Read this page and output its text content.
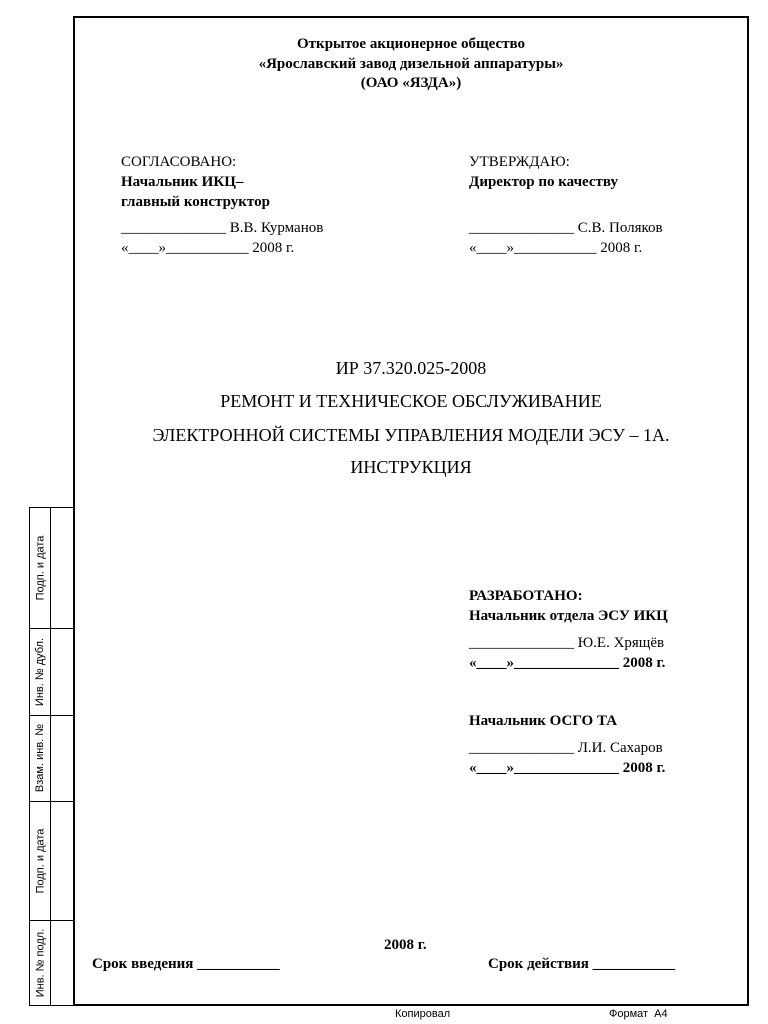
Подп. и дата
Инв. № дубл.
Взам. инв. №
Подп. и дата
Инв. № подл.
Открытое акционерное общество
«Ярославский завод дизельной аппаратуры»
(ОАО «ЯЗДА»)
СОГЛАСОВАНО:
Начальник ИКЦ–
главный конструктор
______________ В.В. Курманов
«____»___________ 2008 г.
УТВЕРЖДАЮ:
Директор по качеству
______________ С.В. Поляков
«____»___________ 2008 г.
ИР 37.320.025-2008
РЕМОНТ И ТЕХНИЧЕСКОЕ ОБСЛУЖИВАНИЕ
ЭЛЕКТРОННОЙ СИСТЕМЫ УПРАВЛЕНИЯ МОДЕЛИ ЭСУ – 1А.
ИНСТРУКЦИЯ
РАЗРАБОТАНО:
Начальник отдела ЭСУ ИКЦ
______________ Ю.Е. Хрящёв
«____»______________ 2008 г.
Начальник ОСГО ТА
______________ Л.И. Сахаров
«____»______________ 2008 г.
2008 г.
Срок введения ___________	Срок действия ___________
Копировал	Формат  А4
